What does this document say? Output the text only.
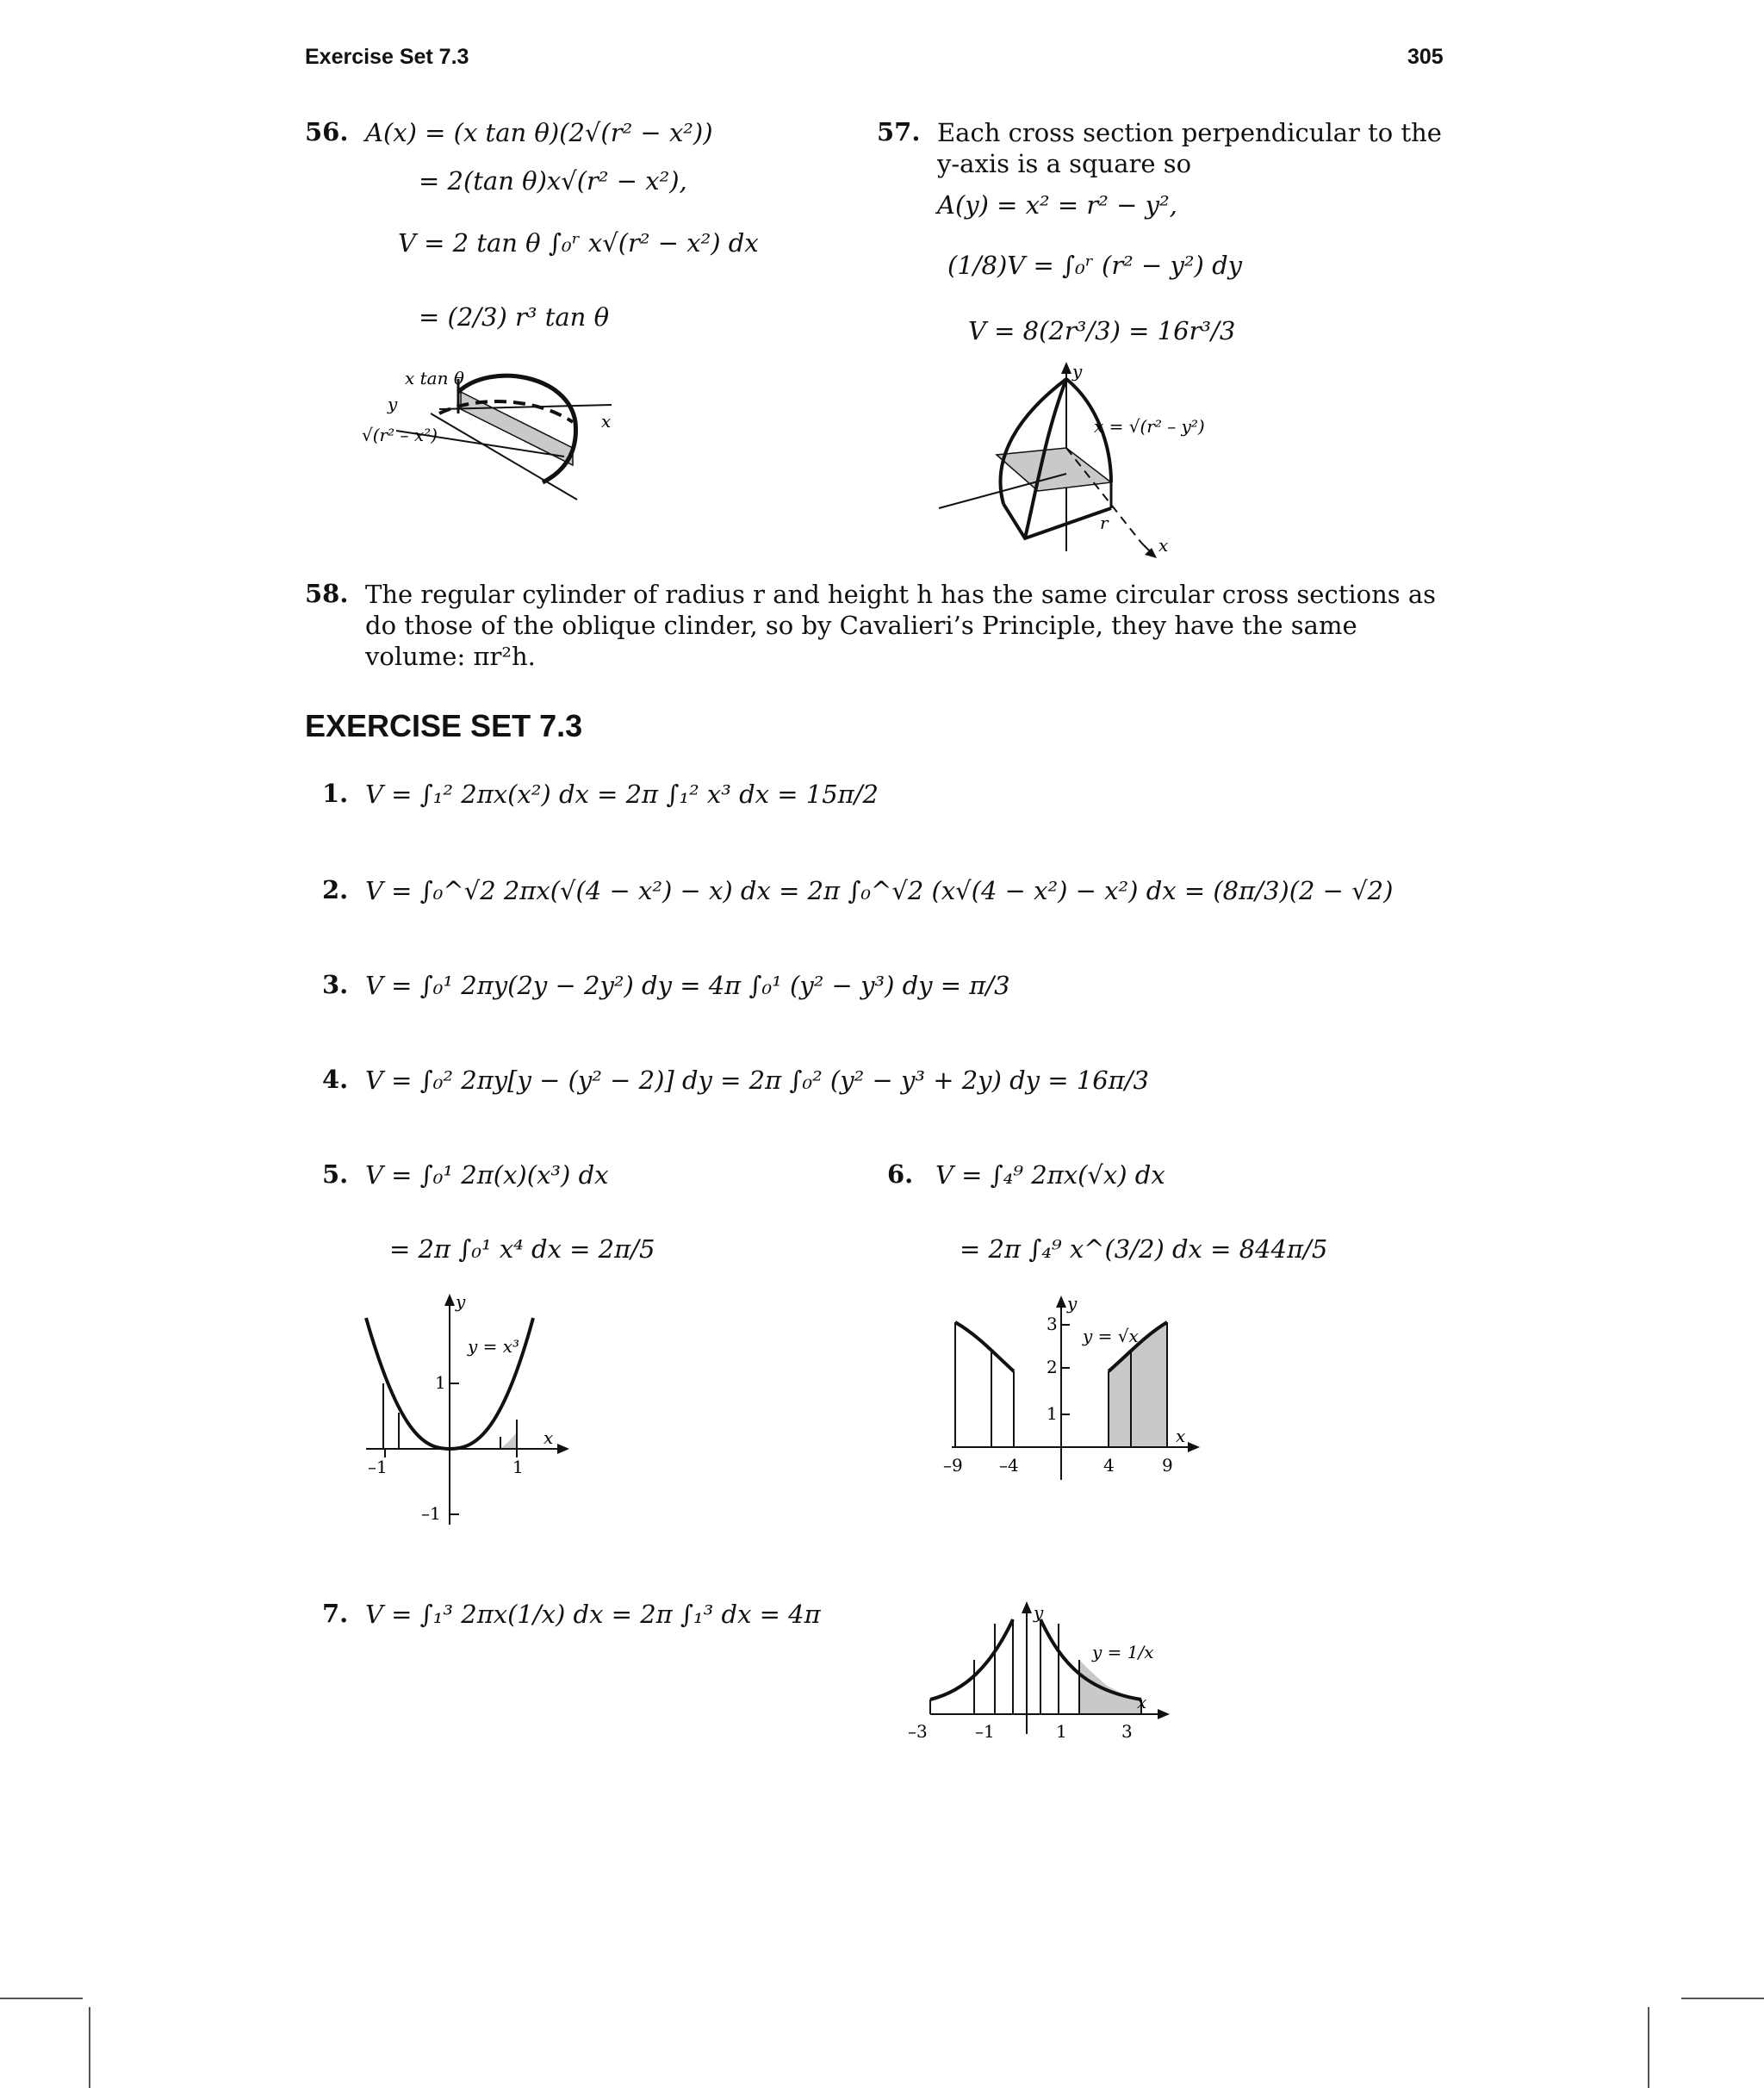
Exercise Set 7.3	305
56. A(x) = (x tan θ)(2√(r² − x²))
= 2(tan θ)x√(r² − x²),
V = 2 tan θ ∫₀ʳ x√(r² − x²) dx
= (2/3) r³ tan θ
x tan θ
y
√(r² – x²)
x
57. Each cross section perpendicular to the
y-axis is a square so
A(y) = x² = r² − y²,
(1/8)V = ∫₀ʳ (r² − y²) dy
V = 8(2r³/3) = 16r³/3
y
x = √(r² – y²)
r
x
58. The regular cylinder of radius r and height h has the same circular cross sections as do those of the oblique clinder, so by Cavalieri’s Principle, they have the same volume: πr²h.
EXERCISE SET 7.3
1. V = ∫₁² 2πx(x²) dx = 2π ∫₁² x³ dx = 15π/2
2. V = ∫₀^√2 2πx(√(4 − x²) − x) dx = 2π ∫₀^√2 (x√(4 − x²) − x²) dx = (8π/3)(2 − √2)
3. V = ∫₀¹ 2πy(2y − 2y²) dy = 4π ∫₀¹ (y² − y³) dy = π/3
4. V = ∫₀² 2πy[y − (y² − 2)] dy = 2π ∫₀² (y² − y³ + 2y) dy = 16π/3
5. V = ∫₀¹ 2π(x)(x³) dx
= 2π ∫₀¹ x⁴ dx = 2π/5
y
y = x³
1
–1
1
–1
x
6. V = ∫₄⁹ 2πx(√x) dx
= 2π ∫₄⁹ x^(3/2) dx = 844π/5
y
y = √x
3
2
1
–9 –4	4	9
x
7. V = ∫₁³ 2πx(1/x) dx = 2π ∫₁³ dx = 4π	y
y = 1/x
–3	–1	1	3
x
